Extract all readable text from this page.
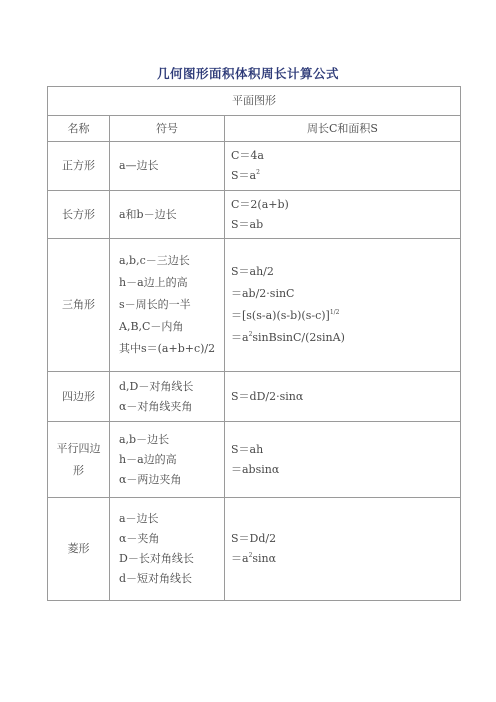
几何图形面积体积周长计算公式
平面图形		
名称	符号	周长C和面积S
正方形	a—边长	C＝4a
$S=a^2$

长方形	a和b－边长	C＝2(a+b)
S＝ab

三角形	a,b,c－三边长
h－a边上的高
s－周长的一半
A,B,C－内角
其中s＝(a+b+c)/2	S＝ah/2
＝ab/2·sinC
$=[s(s-a)(s-b)(s-c)]^{1/2}$
$=a^2sinBsinC/(2\sin A)$

四边形	d,D－对角线长
α－对角线夹角	S＝dD/2·sinα

平行四边形	a,b－边长
h－a边的高
α－两边夹角	S＝ah
＝absinα

菱形	a－边长
α－夹角
D－长对角线长
d－短对角线长	S＝Dd/2
$=a^2\sin\alpha$
